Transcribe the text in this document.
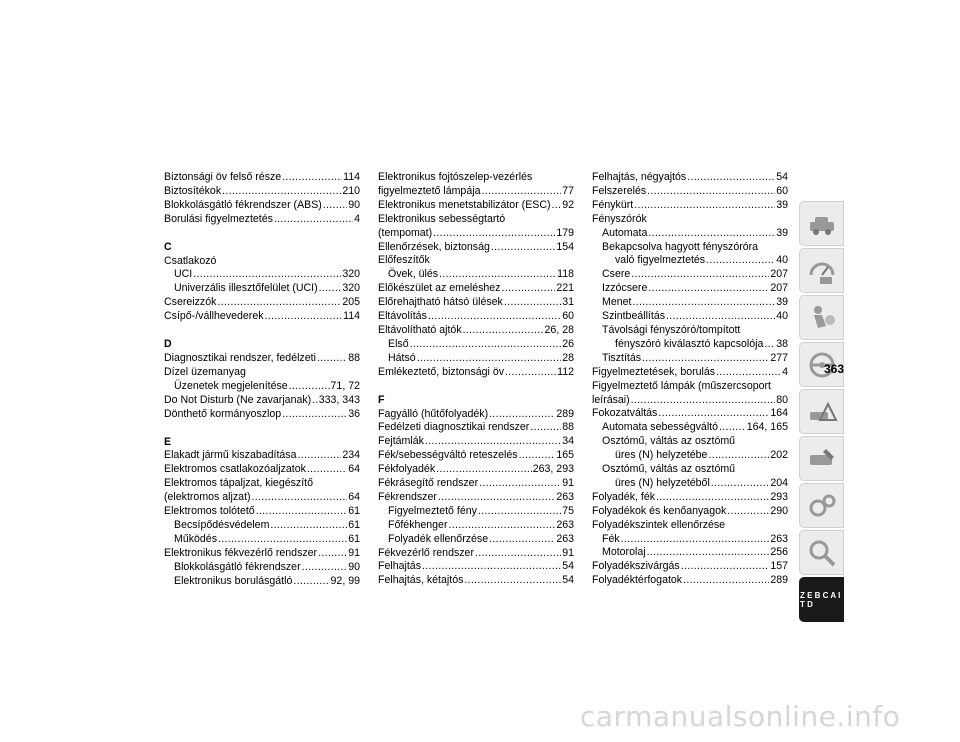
Biztonsági öv felső része .....	114
Biztosítékok .....	210
Blokkolásgátló fékrendszer (ABS) ..... 90
Borulási figyelmeztetés .....	4
C
Csatlakozó
UCI .....	320
Univerzális illesztőfelület (UCI) ..... 320
Csereizzók .....	205
Csípő-/vállhevederek .....	114
D
Diagnosztikai rendszer, fedélzeti .....	88
Dízel üzemanyag
Üzenetek megjelenítése .....	71, 72
Do Not Disturb (Ne zavarjanak) ..... 333, 343
Dönthető kormányoszlop .....	36
E
Elakadt jármű kiszabadítása .....	234
Elektromos csatlakozóaljzatok .....	64
Elektromos tápaljzat, kiegészítő
(elektromos aljzat) .....	64
Elektromos tolótető .....	61
Becsípődésvédelem .....	61
Működés .....	61
Elektronikus fékvezérlő rendszer .....	91
Blokkolásgátló fékrendszer .....	90
Elektronikus borulásgátló .....	92, 99
Elektronikus fojtószelep-vezérlés
figyelmeztető lámpája .....	77
Elektronikus menetstabilizátor (ESC) ..... 92
Elektronikus sebességtartó
(tempomat) .....	179
Ellenőrzések, biztonság .....	154
Előfeszítők
Övek, ülés .....	118
Előkészület az emeléshez .....	221
Előrehajtható hátsó ülések .....	31
Eltávolítás .....	60
Eltávolítható ajtók .....	26, 28
Első .....	26
Hátsó .....	28
Emlékeztető, biztonsági öv .....	112
F
Fagyálló (hűtőfolyadék) .....	289
Fedélzeti diagnosztikai rendszer .....	88
Fejtámlák .....	34
Fék/sebességváltó reteszelés .....	165
Fékfolyadék .....	263, 293
Fékrásegítő rendszer .....	91
Fékrendszer .....	263
Figyelmeztető fény .....	75
Főfékhenger .....	263
Folyadék ellenőrzése .....	263
Fékvezérlő rendszer .....	91
Felhajtás .....	54
Felhajtás, kétajtós .....	54
Felhajtás, négyajtós .....	54
Felszerelés .....	60
Fénykürt .....	39
Fényszórók
Automata .....	39
Bekapcsolva hagyott fényszóróra
való figyelmeztetés .....	40
Csere .....	207
Izzócsere .....	207
Menet .....	39
Szintbeállítás .....	40
Távolsági fényszóró/tompított
fényszóró kiválasztó kapcsolója ..... 38
Tisztítás .....	277
Figyelmeztetések, borulás .....	4
Figyelmeztető lámpák (műszercsoport
leírásai) .....	80
Fokozatváltás .....	164
Automata sebességváltó .....	164, 165
Osztómű, váltás az osztómű
üres (N) helyzetébe .....	202
Osztómű, váltás az osztómű
üres (N) helyzetéből .....	204
Folyadék, fék .....	293
Folyadékok és kenőanyagok .....	290
Folyadékszintek ellenőrzése
Fék .....	263
Motorolaj .....	256
Folyadékszivárgás .....	157
Folyadéktérfogatok .....	289
Z E B C A I T D
363
carmanualsonline.info
